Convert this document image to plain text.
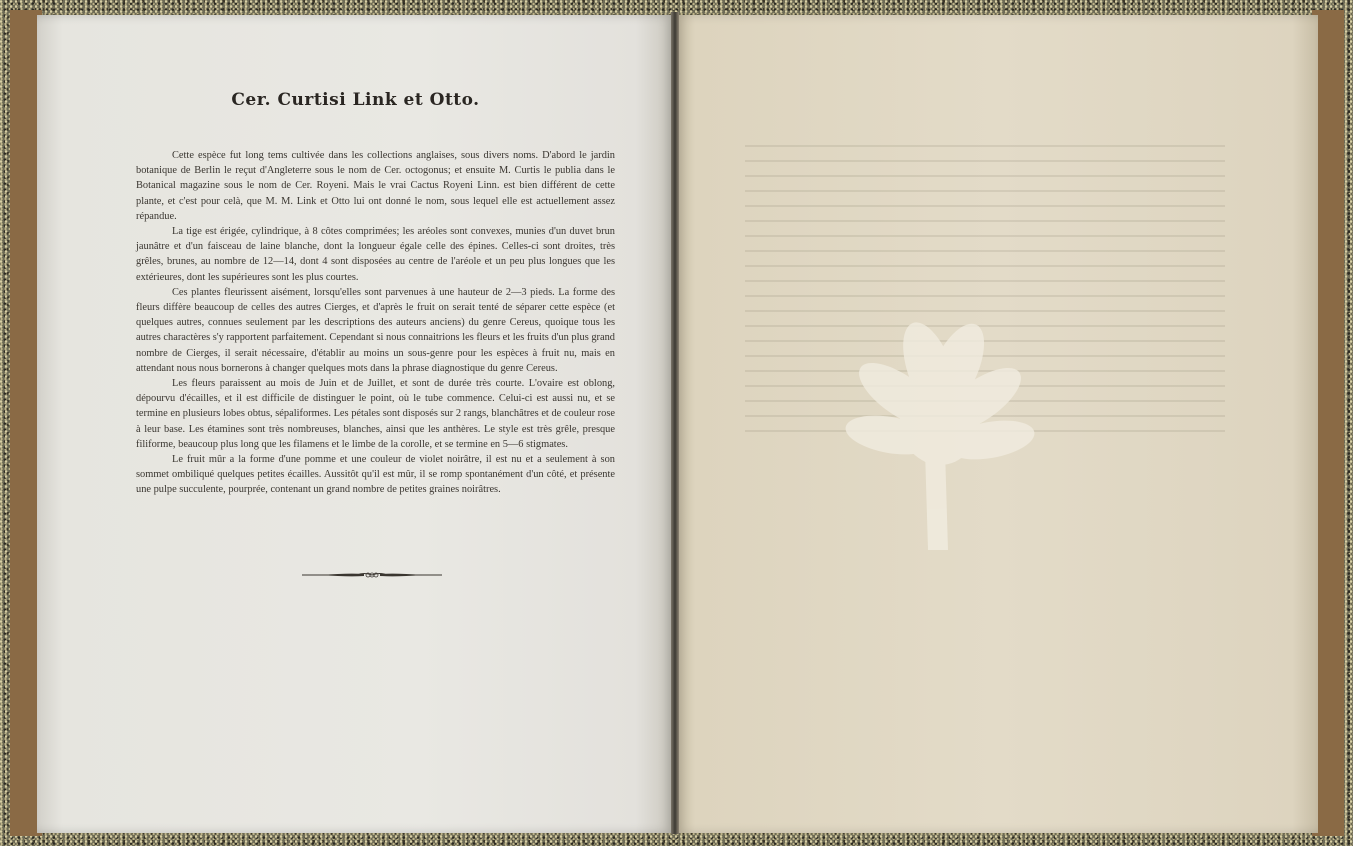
Cer. Curtisi Link et Otto.

Cette espèce fut long tems cultivée dans les collections anglaises, sous divers noms. D'abord le jardin botanique de Berlin le reçut d'Angleterre sous le nom de Cer. octogonus; et ensuite M. Curtis le publia dans le Botanical magazine sous le nom de Cer. Royeni. Mais le vrai Cactus Royeni Linn. est bien différent de cette plante, et c'est pour celà, que M. M. Link et Otto lui ont donné le nom, sous lequel elle est actuellement assez répandue.

La tige est érigée, cylindrique, à 8 côtes comprimées; les aréoles sont convexes, munies d'un duvet brun jaunâtre et d'un faisceau de laine blanche, dont la longueur égale celle des épines. Celles-ci sont droites, très grêles, brunes, au nombre de 12—14, dont 4 sont disposées au centre de l'aréole et un peu plus longues que les extérieures, dont les supérieures sont les plus courtes.

Ces plantes fleurissent aisément, lorsqu'elles sont parvenues à une hauteur de 2—3 pieds. La forme des fleurs diffère beaucoup de celles des autres Cierges, et d'après le fruit on serait tenté de séparer cette espèce (et quelques autres, connues seulement par les descriptions des auteurs anciens) du genre Cereus, quoique tous les autres charactères s'y rapportent parfaitement. Cependant si nous connaitrions les fleurs et les fruits d'un plus grand nombre de Cierges, il serait nécessaire, d'établir au moins un sous-genre pour les espèces à fruit nu, mais en attendant nous nous bornerons à changer quelques mots dans la phrase diagnostique du genre Cereus.

Les fleurs paraissent au mois de Juin et de Juillet, et sont de durée très courte. L'ovaire est oblong, dépourvu d'écailles, et il est difficile de distinguer le point, où le tube commence. Celui-ci est aussi nu, et se termine en plusieurs lobes obtus, sépaliformes. Les pétales sont disposés sur 2 rangs, blanchâtres et de couleur rose à leur base. Les étamines sont très nombreuses, blanches, ainsi que les anthères. Le style est très grêle, presque filiforme, beaucoup plus long que les filamens et le limbe de la corolle, et se termine en 5—6 stigmates.

Le fruit mûr a la forme d'une pomme et une couleur de violet noirâtre, il est nu et a seulement à son sommet ombiliqué quelques petites écailles. Aussitôt qu'il est mûr, il se romp spontanément d'un côté, et présente une pulpe succulente, pourprée, contenant un grand nombre de petites graines noirâtres.
